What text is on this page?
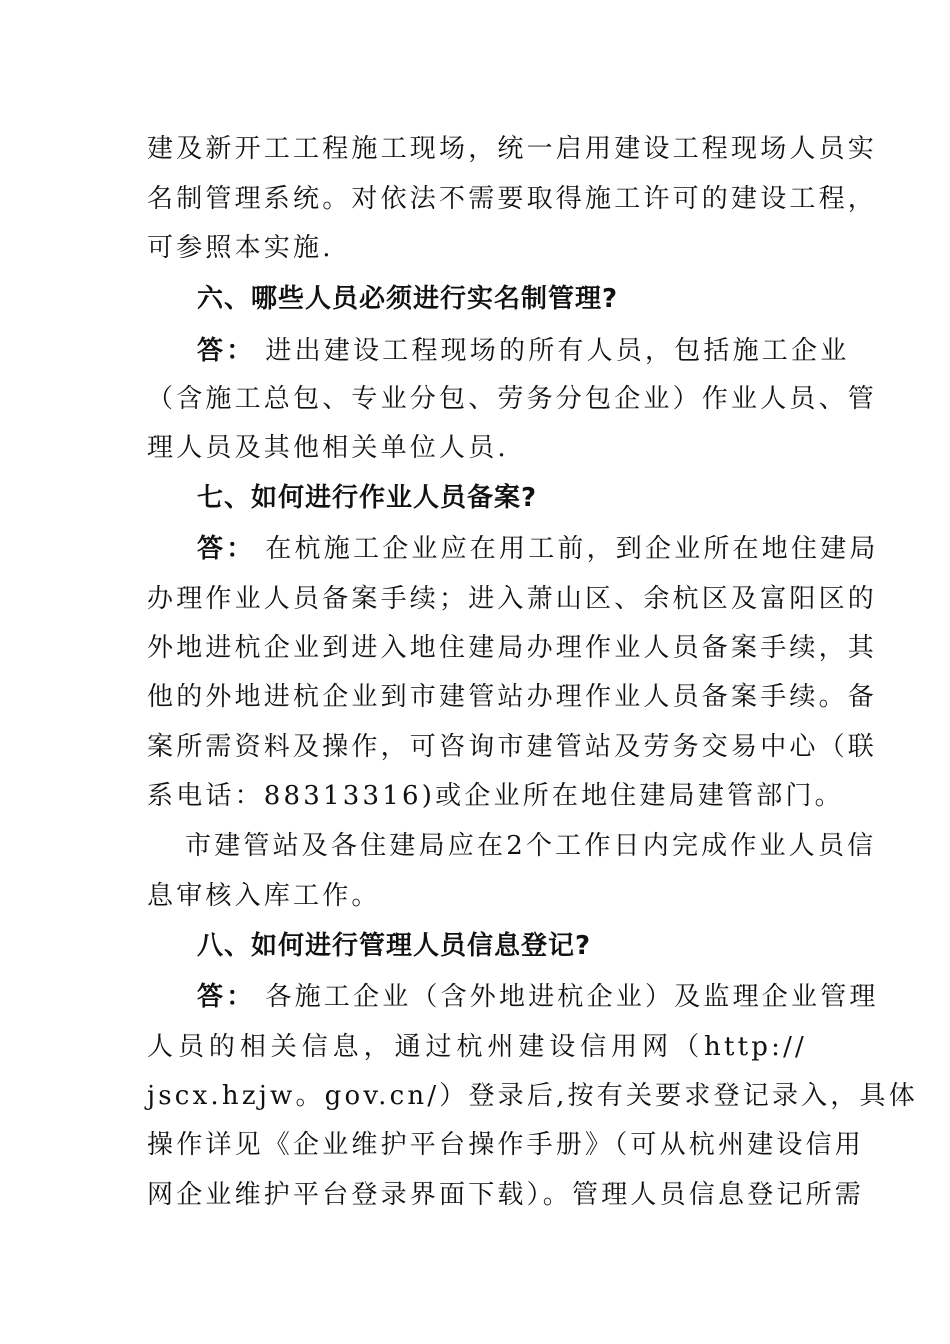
建及新开工工程施工现场，统一启用建设工程现场人员实
名制管理系统。对依法不需要取得施工许可的建设工程，
可参照本实施.
六、哪些人员必须进行实名制管理?
答： 进出建设工程现场的所有人员，包括施工企业
（含施工总包、专业分包、劳务分包企业）作业人员、管
理人员及其他相关单位人员.
七、如何进行作业人员备案?
答： 在杭施工企业应在用工前，到企业所在地住建局
办理作业人员备案手续；进入萧山区、余杭区及富阳区的
外地进杭企业到进入地住建局办理作业人员备案手续，其
他的外地进杭企业到市建管站办理作业人员备案手续。备
案所需资料及操作，可咨询市建管站及劳务交易中心（联
系电话：88313316)或企业所在地住建局建管部门。
市建管站及各住建局应在2个工作日内完成作业人员信
息审核入库工作。
八、如何进行管理人员信息登记?
答： 各施工企业（含外地进杭企业）及监理企业管理
人员的相关信息，通过杭州建设信用网（http://
jscx.hzjw。gov.cn/）登录后,按有关要求登记录入，具体
操作详见《企业维护平台操作手册》（可从杭州建设信用
网企业维护平台登录界面下载）。管理人员信息登记所需
